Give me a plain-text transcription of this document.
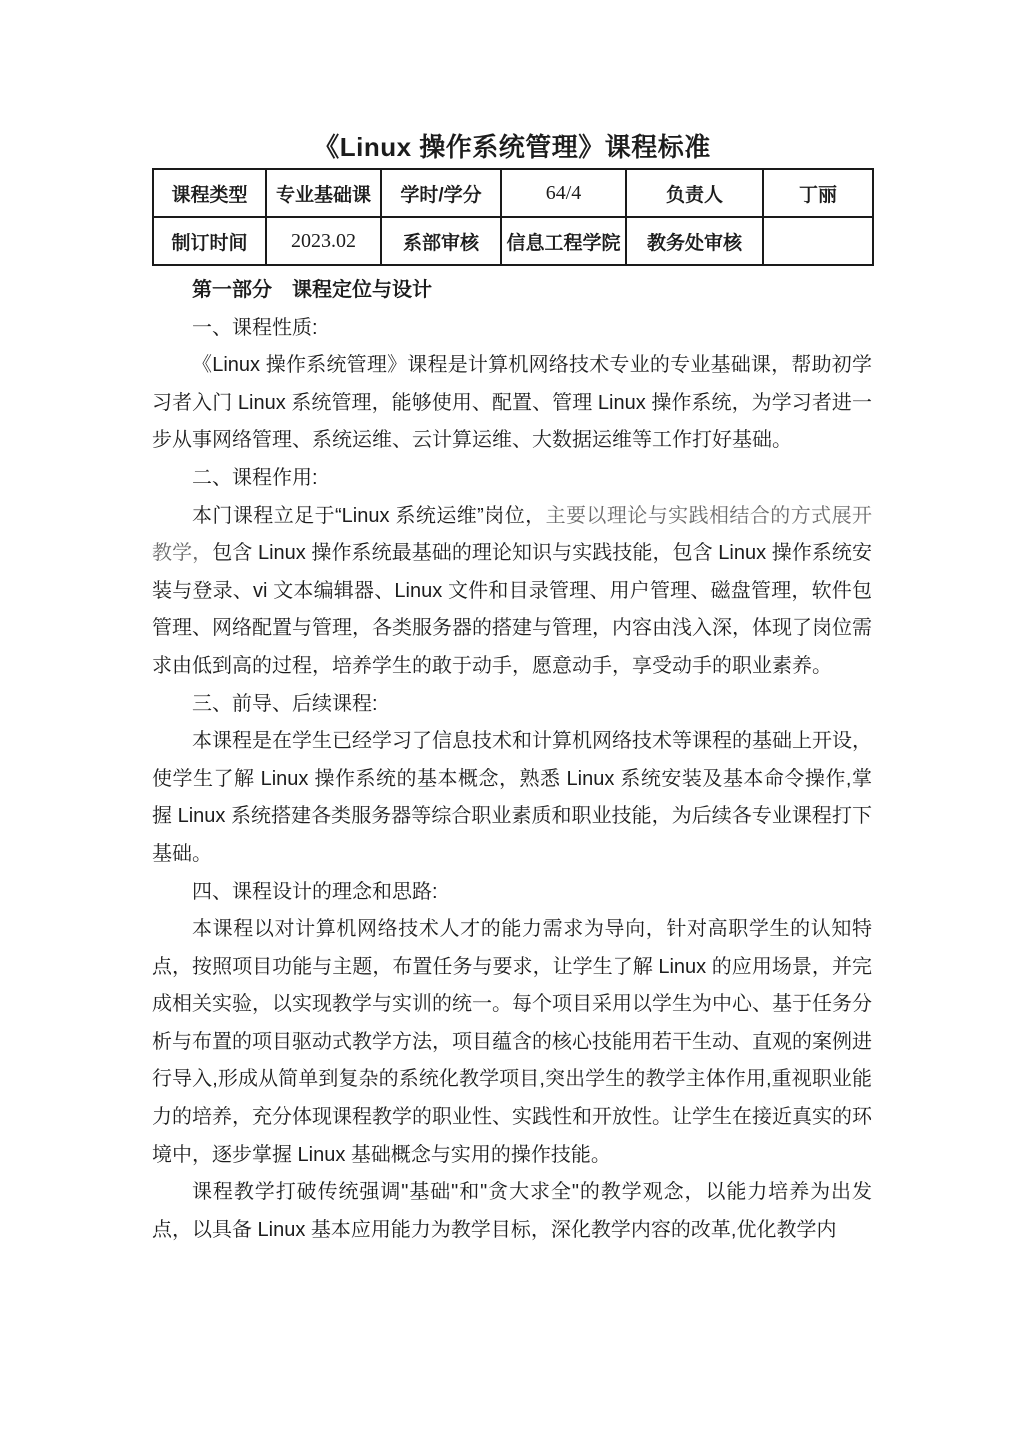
《Linux 操作系统管理》课程标准
课程类型	专业基础课	学时/学分	64/4	负责人	丁丽
制订时间	2023.02	系部审核	信息工程学院	教务处审核	

第一部分　课程定位与设计

一、课程性质:

《Linux 操作系统管理》课程是计算机网络技术专业的专业基础课，帮助初学习者入门 Linux 系统管理，能够使用、配置、管理 Linux 操作系统，为学习者进一步从事网络管理、系统运维、云计算运维、大数据运维等工作打好基础。

二、课程作用:

本门课程立足于“Linux 系统运维”岗位，主要以理论与实践相结合的方式展开教学，包含 Linux 操作系统最基础的理论知识与实践技能，包含 Linux 操作系统安装与登录、vi 文本编辑器、Linux 文件和目录管理、用户管理、磁盘管理，软件包管理、网络配置与管理，各类服务器的搭建与管理，内容由浅入深，体现了岗位需求由低到高的过程，培养学生的敢于动手，愿意动手，享受动手的职业素养。

三、前导、后续课程:

本课程是在学生已经学习了信息技术和计算机网络技术等课程的基础上开设，使学生了解 Linux 操作系统的基本概念，熟悉 Linux 系统安装及基本命令操作,掌握 Linux 系统搭建各类服务器等综合职业素质和职业技能，为后续各专业课程打下基础。

四、课程设计的理念和思路:

本课程以对计算机网络技术人才的能力需求为导向，针对高职学生的认知特点，按照项目功能与主题，布置任务与要求，让学生了解 Linux 的应用场景，并完成相关实验，以实现教学与实训的统一。每个项目采用以学生为中心、基于任务分析与布置的项目驱动式教学方法，项目蕴含的核心技能用若干生动、直观的案例进行导入,形成从简单到复杂的系统化教学项目,突出学生的教学主体作用,重视职业能力的培养，充分体现课程教学的职业性、实践性和开放性。让学生在接近真实的环境中，逐步掌握 Linux 基础概念与实用的操作技能。

课程教学打破传统强调"基础"和"贪大求全"的教学观念，以能力培养为出发点，以具备 Linux 基本应用能力为教学目标，深化教学内容的改革,优化教学内
